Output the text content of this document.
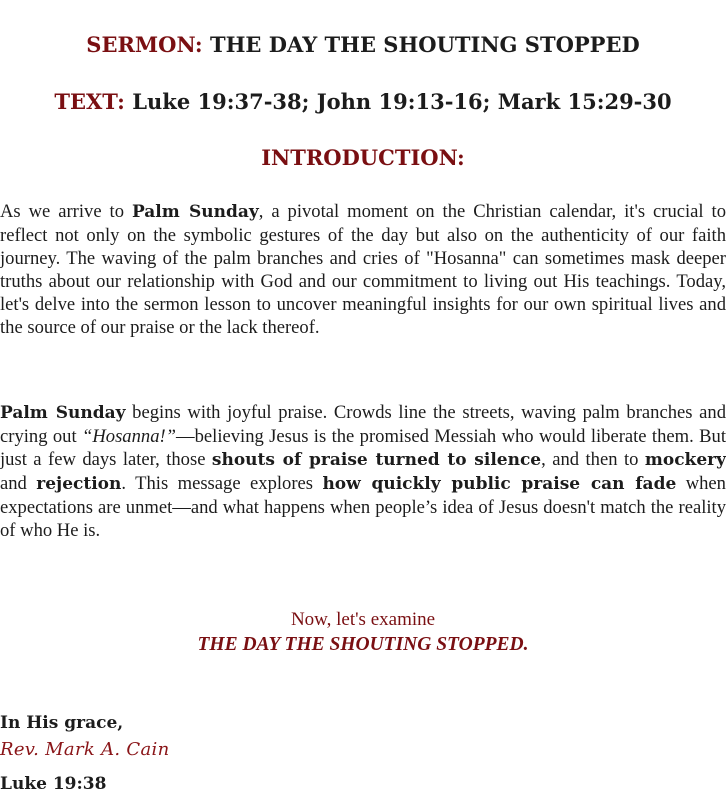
SERMON: THE DAY THE SHOUTING STOPPED
TEXT: Luke 19:37-38; John 19:13-16; Mark 15:29-30
INTRODUCTION:

As we arrive to Palm Sunday, a pivotal moment on the Christian calendar, it's crucial to reflect not only on the symbolic gestures of the day but also on the authenticity of our faith journey. The waving of the palm branches and cries of "Hosanna" can sometimes mask deeper truths about our relationship with God and our commitment to living out His teachings. Today, let's delve into the sermon lesson to uncover meaningful insights for our own spiritual lives and the source of our praise or the lack thereof.

Palm Sunday begins with joyful praise. Crowds line the streets, waving palm branches and crying out “Hosanna!”—believing Jesus is the promised Messiah who would liberate them. But just a few days later, those shouts of praise turned to silence, and then to mockery and rejection. This message explores how quickly public praise can fade when expectations are unmet—and what happens when people’s idea of Jesus doesn't match the reality of who He is.

Now, let's examine
THE DAY THE SHOUTING STOPPED.
In His grace,
Rev. Mark A. Cain
Luke 19:38
